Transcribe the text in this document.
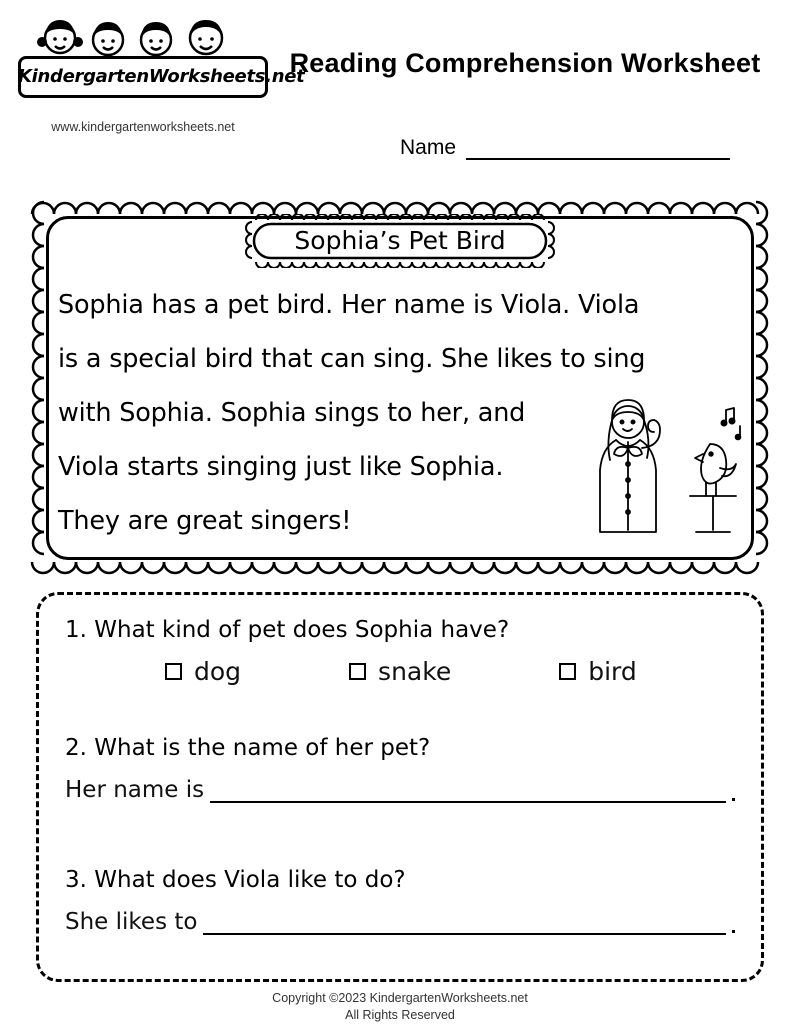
KindergartenWorksheets.net
www.kindergartenworksheets.net
Reading Comprehension Worksheet
Name
Sophia’s Pet Bird
Sophia has a pet bird. Her name is Viola. Viola
is a special bird that can sing. She likes to sing
with Sophia. Sophia sings to her, and
Viola starts singing just like Sophia.
They are great singers!
1. What kind of pet does Sophia have?
dog	snake	bird
2. What is the name of her pet?
Her name is
3. What does Viola like to do?
She likes to
Copyright ©2023 KindergartenWorksheets.net
All Rights Reserved
